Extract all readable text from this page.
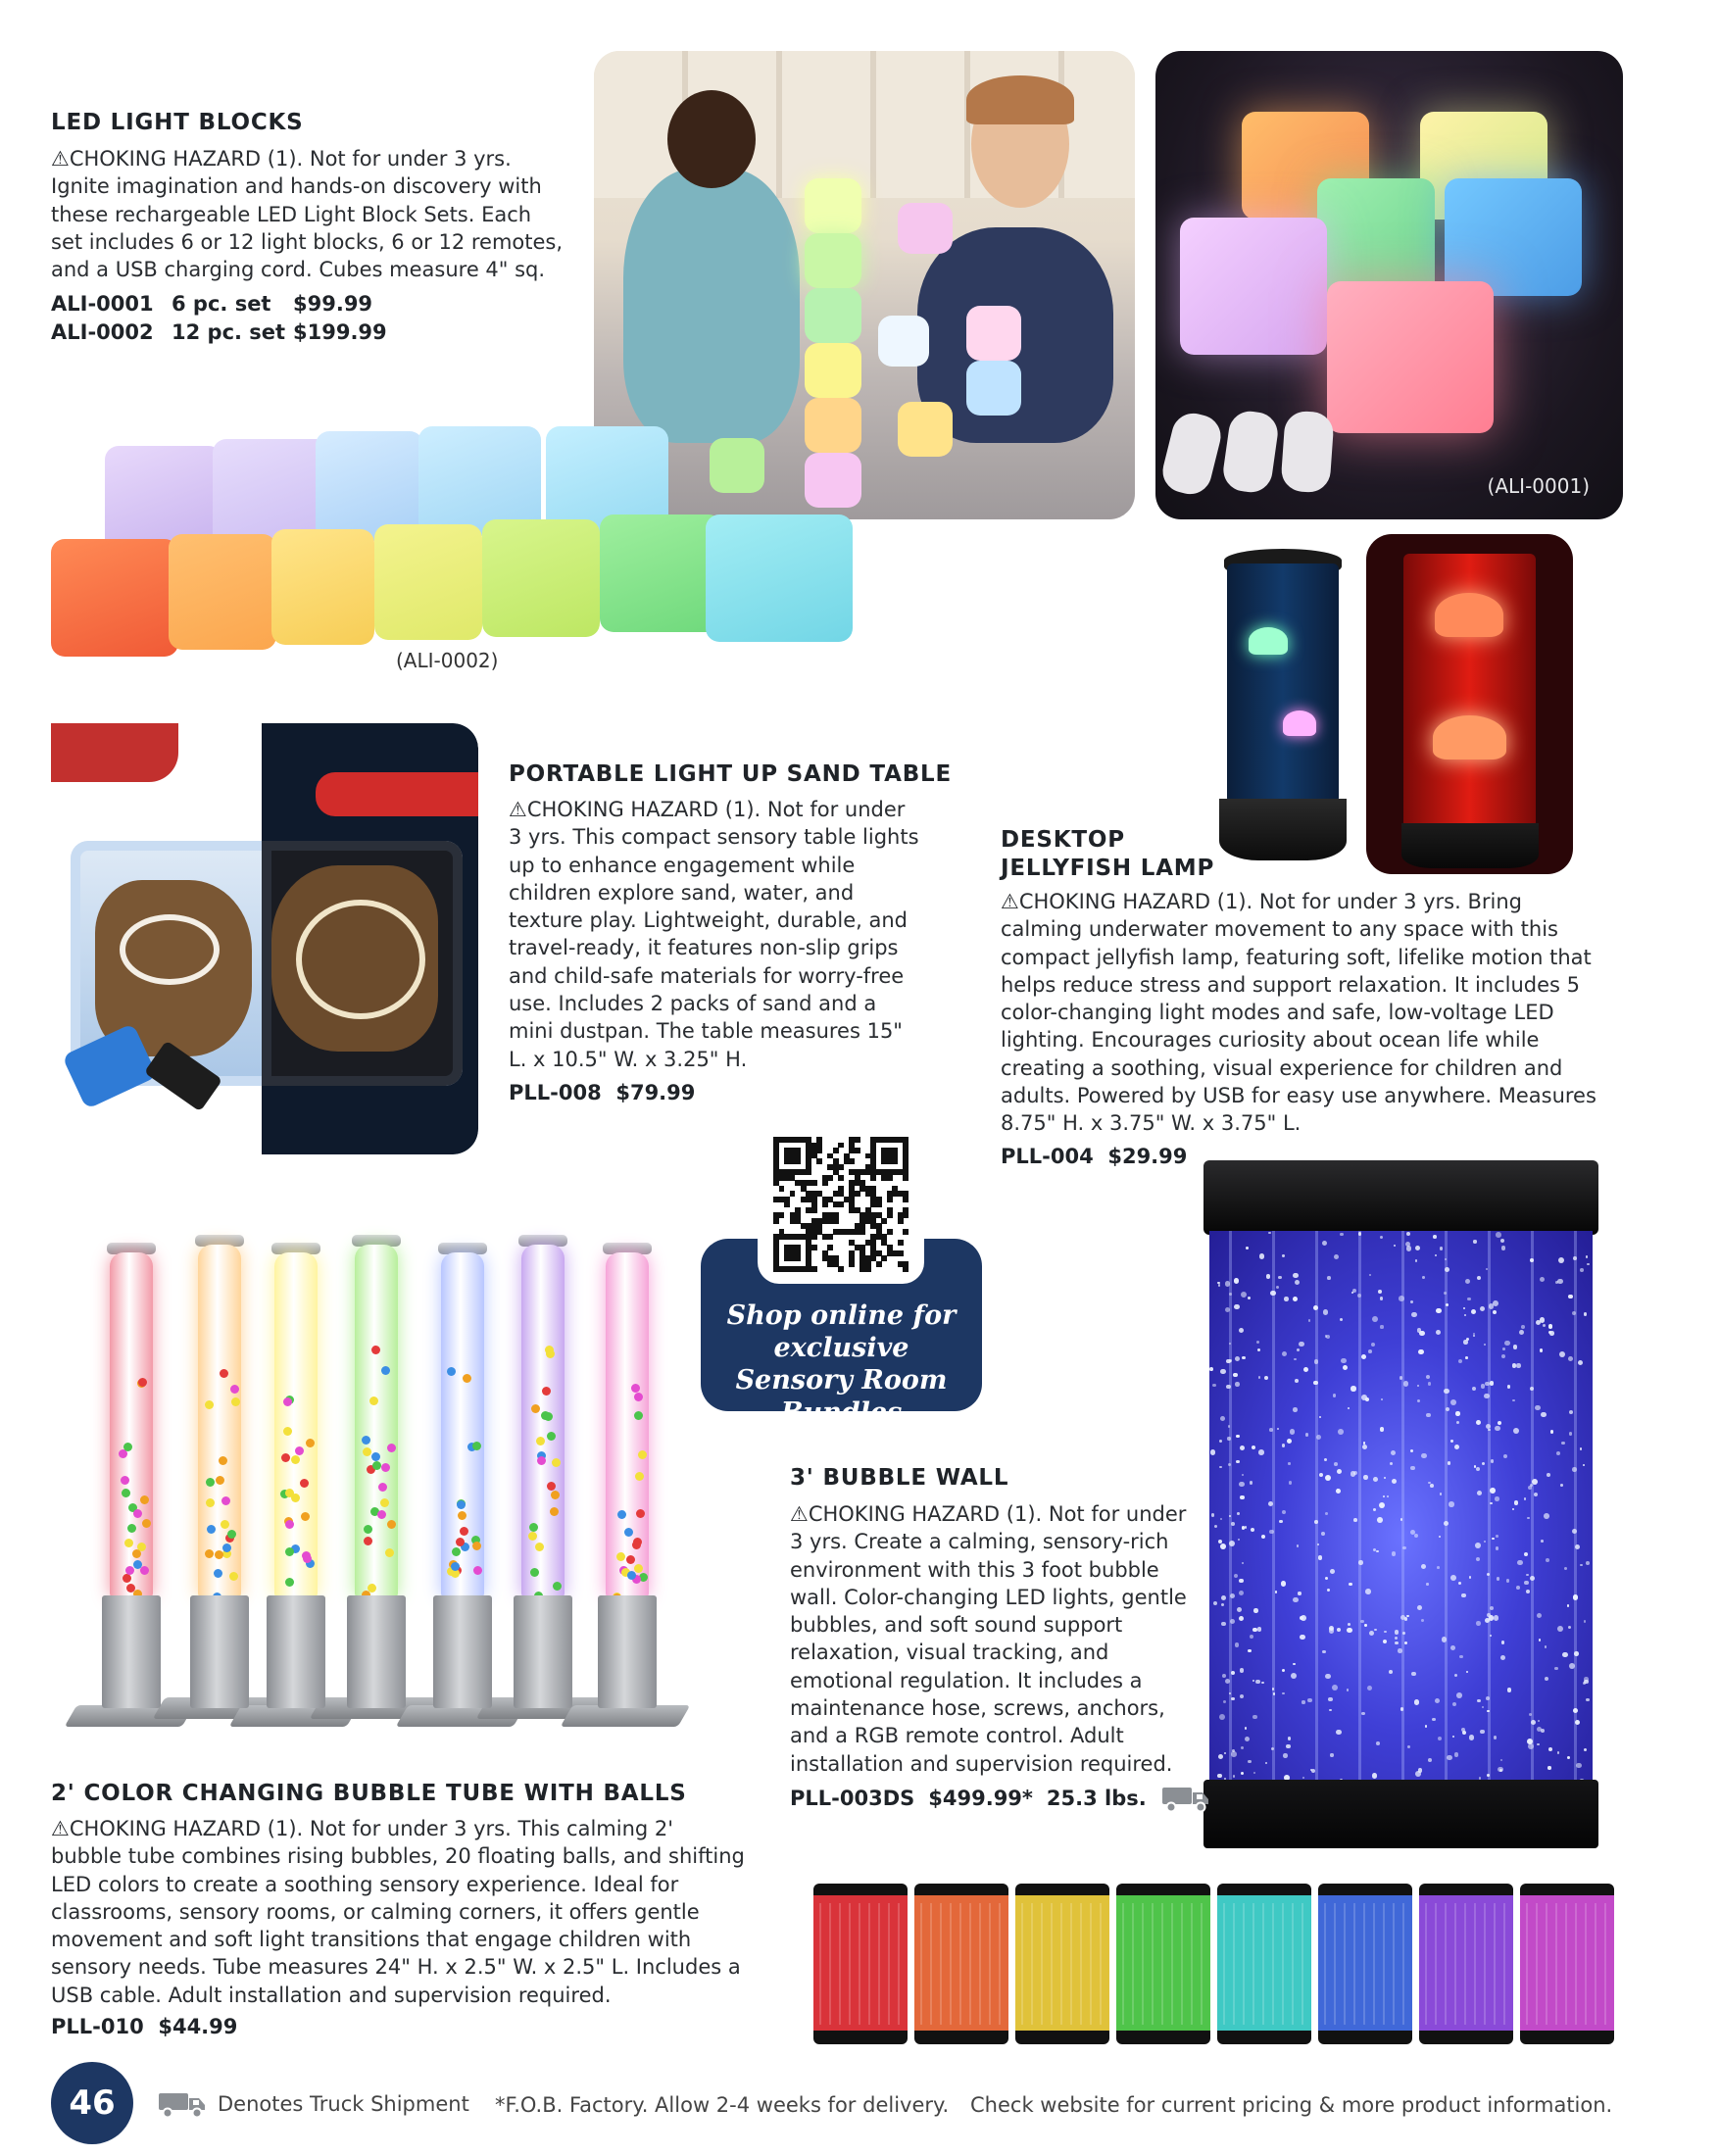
LED LIGHT BLOCKS
⚠CHOKING HAZARD (1). Not for under 3 yrs. Ignite imagination and hands-on discovery with these rechargeable LED Light Block Sets. Each set includes 6 or 12 light blocks, 6 or 12 remotes, and a USB charging cord. Cubes measure 4" sq.
ALI-0001 6 pc. set $99.99
ALI-0002 12 pc. set $199.99
(ALI-0001)
(ALI-0002)
PORTABLE LIGHT UP SAND TABLE
⚠CHOKING HAZARD (1). Not for under 3 yrs. This compact sensory table lights up to enhance engagement while children explore sand, water, and texture play. Lightweight, durable, and travel-ready, it features non-slip grips and child-safe materials for worry-free use. Includes 2 packs of sand and a mini dustpan. The table measures 15" L. x 10.5" W. x 3.25" H.
PLL-008 $79.99
DESKTOP
JELLYFISH LAMP
⚠CHOKING HAZARD (1). Not for under 3 yrs. Bring calming underwater movement to any space with this compact jellyfish lamp, featuring soft, lifelike motion that helps reduce stress and support relaxation. It includes 5 color-changing light modes and safe, low-voltage LED lighting. Encourages curiosity about ocean life while creating a soothing, visual experience for children and adults. Powered by USB for easy use anywhere. Measures 8.75" H. x 3.75" W. x 3.75" L.
PLL-004 $29.99
Shop online for exclusive Sensory Room Bundles
3' BUBBLE WALL
⚠CHOKING HAZARD (1). Not for under 3 yrs. Create a calming, sensory-rich environment with this 3 foot bubble wall. Color-changing LED lights, gentle bubbles, and soft sound support relaxation, visual tracking, and emotional regulation. It includes a maintenance hose, screws, anchors, and a RGB remote control. Adult installation and supervision required.
PLL-003DS $499.99* 25.3 lbs.
2' COLOR CHANGING BUBBLE TUBE WITH BALLS
⚠CHOKING HAZARD (1). Not for under 3 yrs. This calming 2' bubble tube combines rising bubbles, 20 floating balls, and shifting LED colors to create a soothing sensory experience. Ideal for classrooms, sensory rooms, or calming corners, it offers gentle movement and soft light transitions that engage children with sensory needs. Tube measures 24" H. x 2.5" W. x 2.5" L. Includes a USB cable. Adult installation and supervision required.
PLL-010 $44.99
46	Denotes Truck Shipment *F.O.B. Factory. Allow 2-4 weeks for delivery. Check website for current pricing & more product information.
